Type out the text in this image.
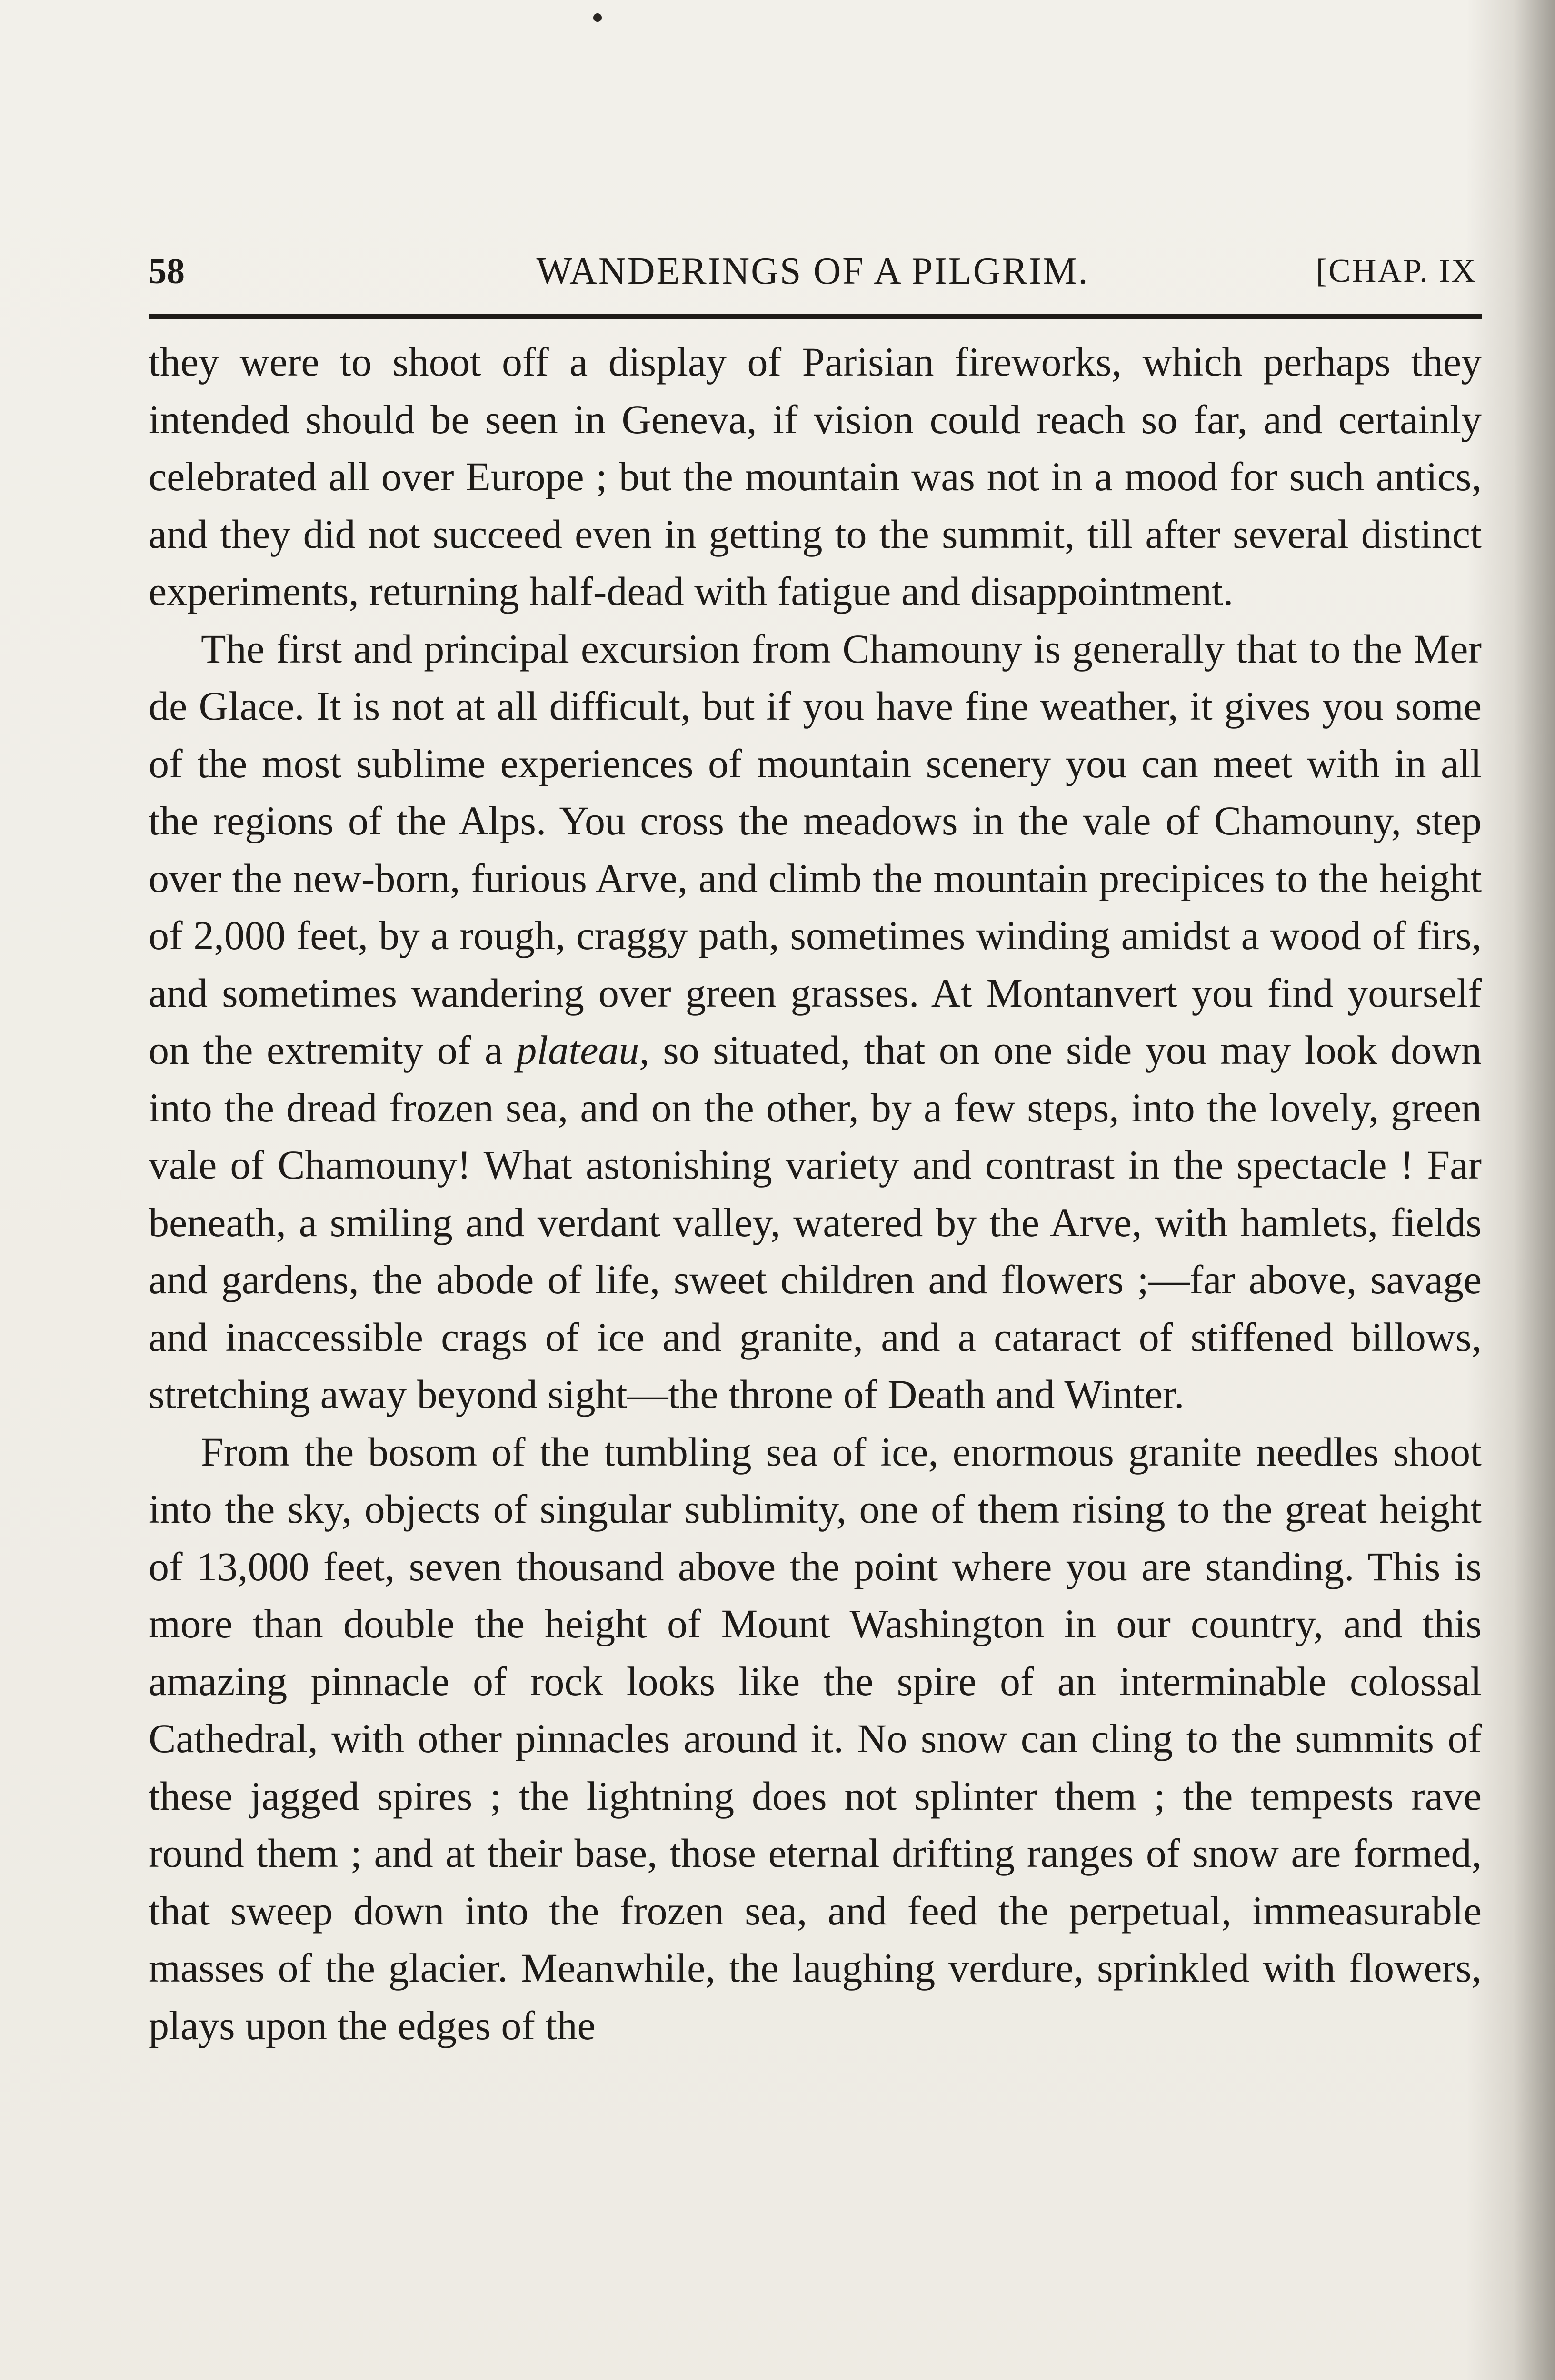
58	WANDERINGS OF A PILGRIM.	[CHAP. IX

they were to shoot off a display of Parisian fireworks, which perhaps they intended should be seen in Geneva, if vision could reach so far, and certainly celebrated all over Europe ; but the mountain was not in a mood for such antics, and they did not succeed even in getting to the summit, till after several distinct experiments, returning half-dead with fatigue and disappointment.

The first and principal excursion from Chamouny is generally that to the Mer de Glace. It is not at all difficult, but if you have fine weather, it gives you some of the most sublime experiences of mountain scenery you can meet with in all the regions of the Alps. You cross the meadows in the vale of Chamouny, step over the new-born, furious Arve, and climb the mountain precipices to the height of 2,000 feet, by a rough, craggy path, sometimes winding amidst a wood of firs, and sometimes wandering over green grasses. At Montanvert you find yourself on the extremity of a plateau, so situated, that on one side you may look down into the dread frozen sea, and on the other, by a few steps, into the lovely, green vale of Chamouny! What astonishing variety and contrast in the spectacle ! Far beneath, a smiling and verdant valley, watered by the Arve, with hamlets, fields and gardens, the abode of life, sweet children and flowers ;—far above, savage and inaccessible crags of ice and granite, and a cataract of stiffened billows, stretching away beyond sight—the throne of Death and Winter.

From the bosom of the tumbling sea of ice, enormous granite needles shoot into the sky, objects of singular sublimity, one of them rising to the great height of 13,000 feet, seven thousand above the point where you are standing. This is more than double the height of Mount Washington in our country, and this amazing pinnacle of rock looks like the spire of an interminable colossal Cathedral, with other pinnacles around it. No snow can cling to the summits of these jagged spires ; the lightning does not splinter them ; the tempests rave round them ; and at their base, those eternal drifting ranges of snow are formed, that sweep down into the frozen sea, and feed the perpetual, immeasurable masses of the glacier. Meanwhile, the laughing verdure, sprinkled with flowers, plays upon the edges of the
